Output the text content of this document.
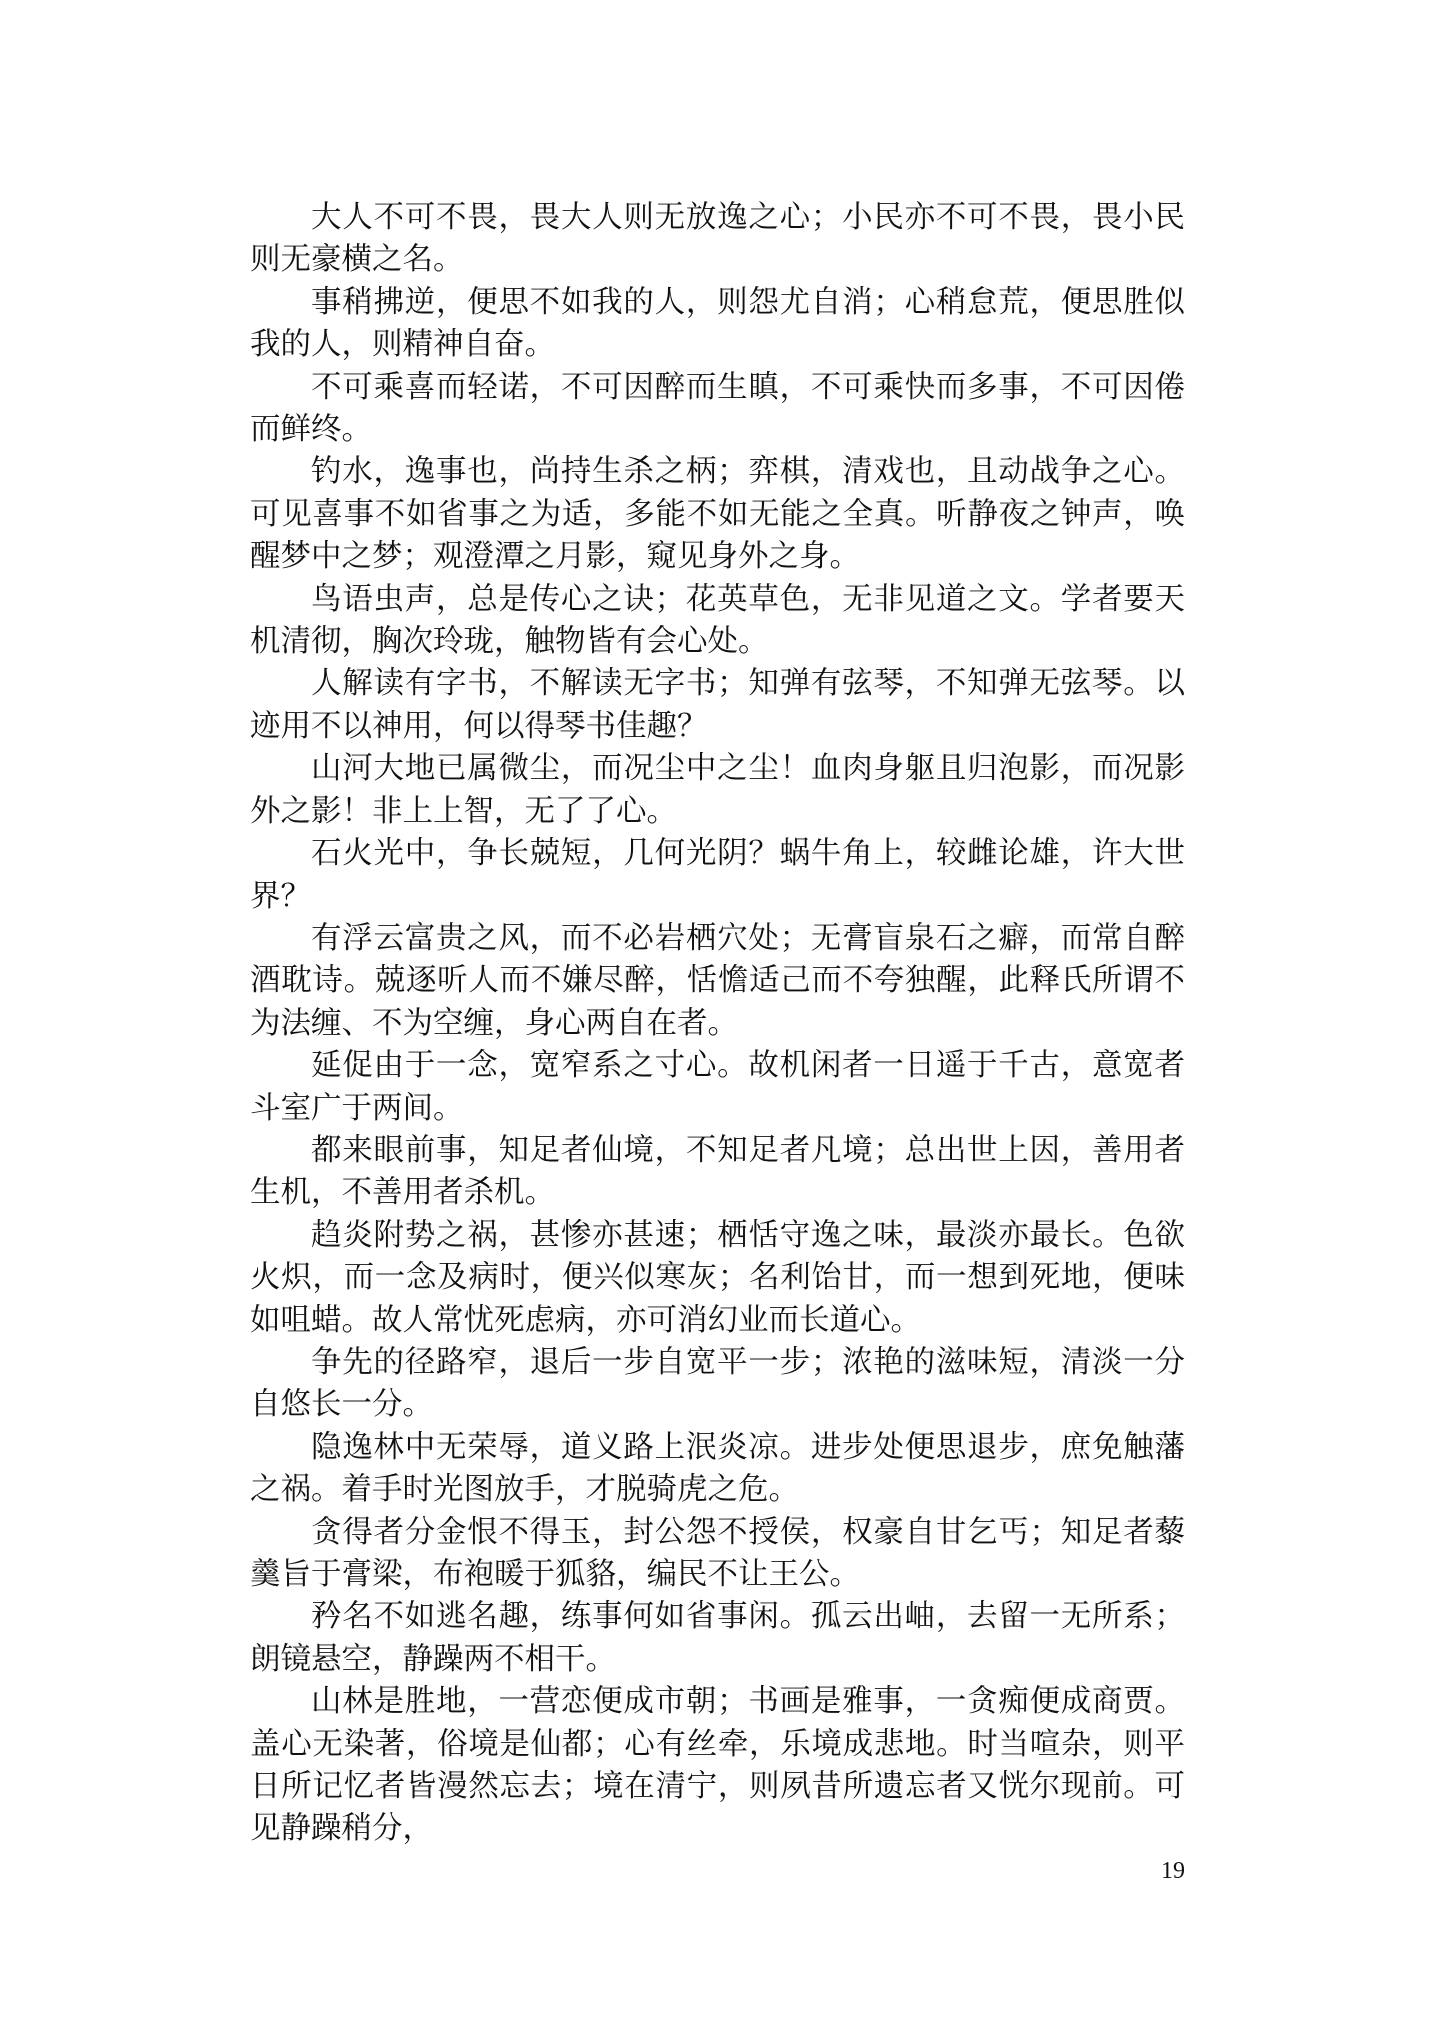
大人不可不畏，畏大人则无放逸之心；小民亦不可不畏，畏小民则无豪横之名。

事稍拂逆，便思不如我的人，则怨尤自消；心稍怠荒，便思胜似我的人，则精神自奋。

不可乘喜而轻诺，不可因醉而生瞋，不可乘快而多事，不可因倦而鲜终。

钓水，逸事也，尚持生杀之柄；弈棋，清戏也，且动战争之心。可见喜事不如省事之为适，多能不如无能之全真。听静夜之钟声，唤醒梦中之梦；观澄潭之月影，窥见身外之身。

鸟语虫声，总是传心之诀；花英草色，无非见道之文。学者要天机清彻，胸次玲珑，触物皆有会心处。

人解读有字书，不解读无字书；知弹有弦琴，不知弹无弦琴。以迹用不以神用，何以得琴书佳趣？

山河大地已属微尘，而况尘中之尘！血肉身躯且归泡影，而况影外之影！非上上智，无了了心。

石火光中，争长兢短，几何光阴？蜗牛角上，较雌论雄，许大世界？

有浮云富贵之风，而不必岩栖穴处；无膏盲泉石之癖，而常自醉酒耽诗。兢逐听人而不嫌尽醉，恬憺适己而不夸独醒，此释氏所谓不为法缠、不为空缠，身心两自在者。

延促由于一念，宽窄系之寸心。故机闲者一日遥于千古，意宽者斗室广于两间。

都来眼前事，知足者仙境，不知足者凡境；总出世上因，善用者生机，不善用者杀机。

趋炎附势之祸，甚惨亦甚速；栖恬守逸之味，最淡亦最长。色欲火炽，而一念及病时，便兴似寒灰；名利饴甘，而一想到死地，便味如咀蜡。故人常忧死虑病，亦可消幻业而长道心。

争先的径路窄，退后一步自宽平一步；浓艳的滋味短，清淡一分自悠长一分。

隐逸林中无荣辱，道义路上泯炎凉。进步处便思退步，庶免触藩之祸。着手时光图放手，才脱骑虎之危。

贪得者分金恨不得玉，封公怨不授侯，权豪自甘乞丐；知足者藜羹旨于膏梁，布袍暖于狐貉，编民不让王公。

矜名不如逃名趣，练事何如省事闲。孤云出岫，去留一无所系；朗镜悬空，静躁两不相干。

山林是胜地，一营恋便成市朝；书画是雅事，一贪痴便成商贾。盖心无染著，俗境是仙都；心有丝牵，乐境成悲地。时当喧杂，则平日所记忆者皆漫然忘去；境在清宁，则夙昔所遗忘者又恍尔现前。可见静躁稍分，

19
